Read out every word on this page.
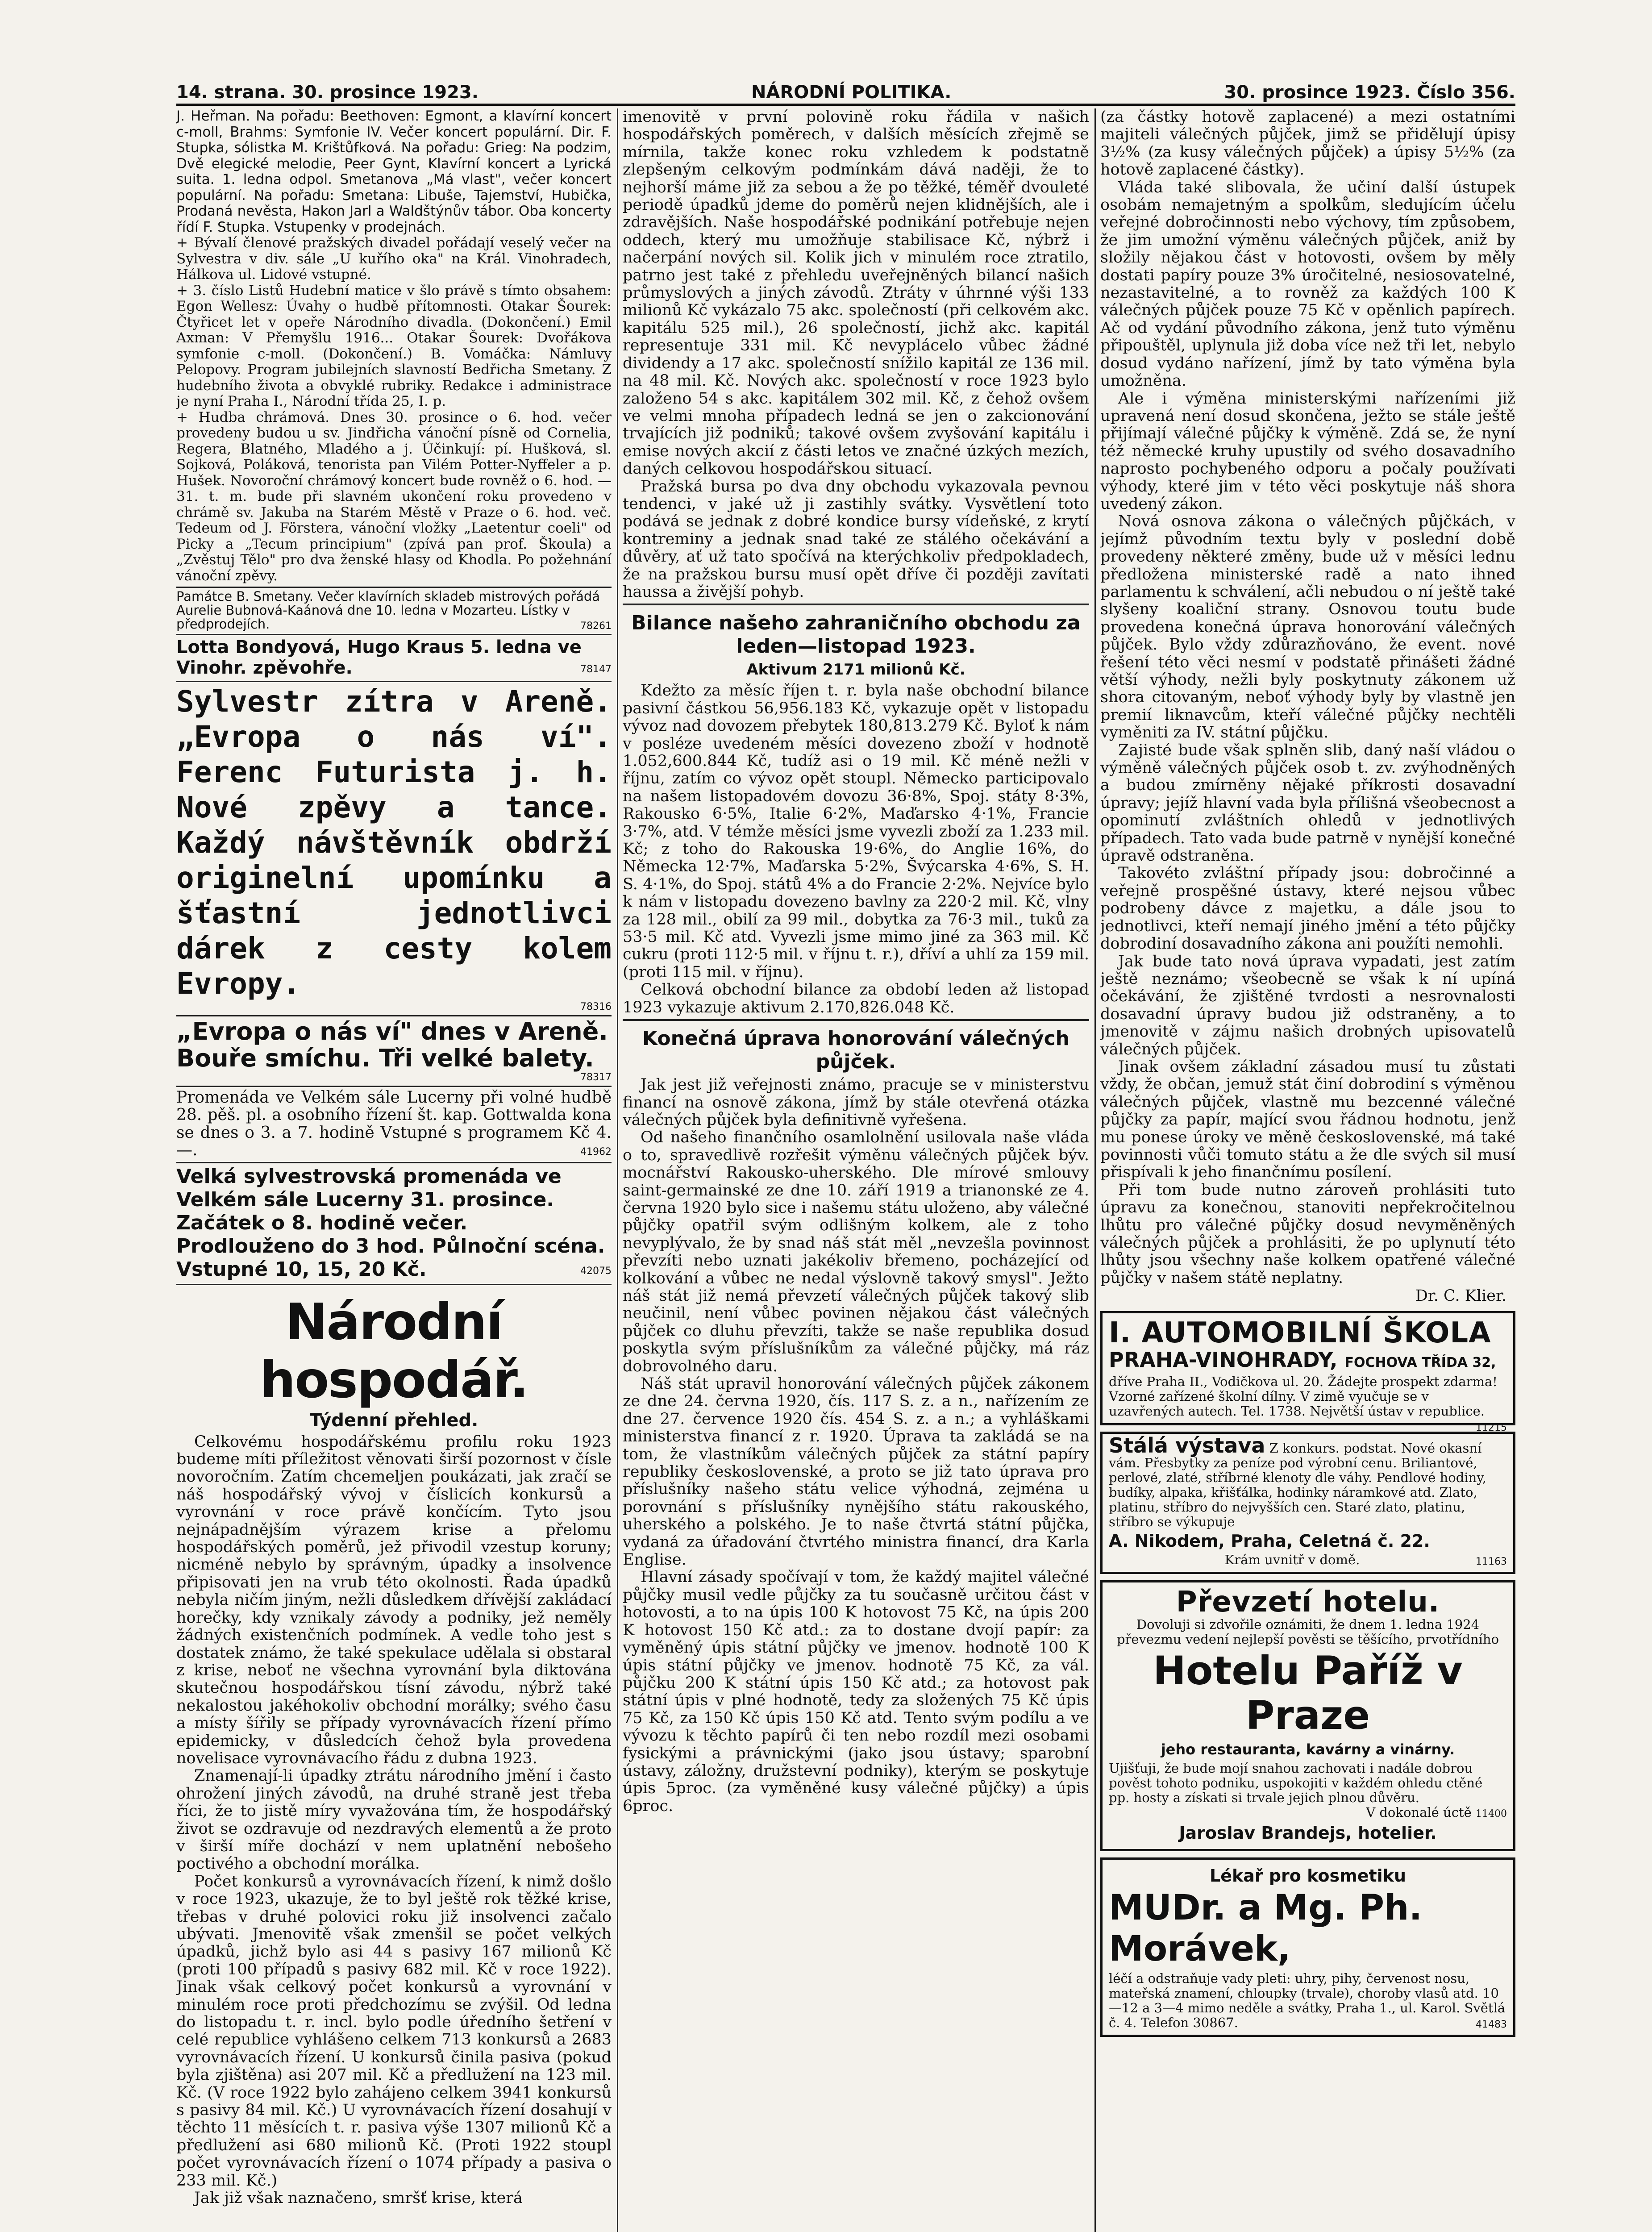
14. strana. 30. prosince 1923.	NÁRODNÍ POLITIKA.	30. prosince 1923. Číslo 356.

J. Heřman. Na pořadu: Beethoven: Egmont, a klavírní koncert c-moll, Brahms: Symfonie IV. Večer koncert populární. Dir. F. Stupka, sólistka M. Krištůfková. Na pořadu: Grieg: Na podzim, Dvě elegické melodie, Peer Gynt, Klavírní koncert a Lyrická suita. 1. ledna odpol. Smetanova „Má vlast", večer koncert populární. Na pořadu: Smetana: Libuše, Tajemství, Hubička, Prodaná nevěsta, Hakon Jarl a Waldštýnův tábor. Oba koncerty řídí F. Stupka. Vstupenky v prodejnách.

+ Bývalí členové pražských divadel pořádají veselý večer na Sylvestra v div. sále „U kuřího oka" na Král. Vinohradech, Hálkova ul. Lidové vstupné.

+ 3. číslo Listů Hudební matice v šlo právě s tímto obsahem: Egon Wellesz: Úvahy o hudbě přítomnosti. Otakar Šourek: Čtyřicet let v opeře Národního divadla. (Dokončení.) Emil Axman: V Přemyšlu 1916... Otakar Šourek: Dvořákova symfonie c-moll. (Dokončení.) B. Vomáčka: Námluvy Pelopovy. Program jubilejních slavností Bedřicha Smetany. Z hudebního života a obvyklé rubriky. Redakce i administrace je nyní Praha I., Národní třída 25, I. p.

+ Hudba chrámová. Dnes 30. prosince o 6. hod. večer provedeny budou u sv. Jindřicha vánoční písně od Cornelia, Regera, Blatného, Mladého a j. Účinkují: pí. Hušková, sl. Sojková, Poláková, tenorista pan Vilém Potter-Nyffeler a p. Hušek. Novoroční chrámový koncert bude rovněž o 6. hod. — 31. t. m. bude při slavném ukončení roku provedeno v chrámě sv. Jakuba na Starém Městě v Praze o 6. hod. več. Tedeum od J. Förstera, vánoční vložky „Laetentur coeli" od Picky a „Tecum principium" (zpívá pan prof. Škoula) a „Zvěstuj Tělo" pro dva ženské hlasy od Khodla. Po požehnání vánoční zpěvy.

Památce B. Smetany. Večer klavírních skladeb mistrových pořádá Aurelie Bubnová-Kaánová dne 10. ledna v Mozarteu. Lístky v předprodejích.	78261

Lotta Bondyová, Hugo Kraus 5. ledna ve Vinohr. zpěvohře.	78147

Sylvestr zítra v Areně. „Evropa o nás ví". Ferenc Futurista j. h. Nové zpěvy a tance. Každý návštěvník obdrží originelní upomínku a šťastní jednotlivci dárek z cesty kolem Evropy.

78316

„Evropa o nás ví" dnes v Areně. Bouře smíchu. Tři velké balety.

78317

Promenáda ve Velkém sále Lucerny při volné hudbě 28. pěš. pl. a osobního řízení št. kap. Gottwalda kona se dnes o 3. a 7. hodině Vstupné s programem Kč 4.—.	41962

Velká sylvestrovská promenáda ve Velkém sále Lucerny 31. prosince. Začátek o 8. hodině večer. Prodlouženo do 3 hod. Půlnoční scéna. Vstupné 10, 15, 20 Kč.	42075

Národní hospodář.
Týdenní přehled.

Celkovému hospodářskému profilu roku 1923 budeme míti příležitost věnovati širší pozornost v čísle novoročním. Zatím chcemeljen poukázati, jak zračí se náš hospodářský vývoj v číslicích konkursů a vyrovnání v roce právě končícím. Tyto jsou nejnápadnějším výrazem krise a přelomu hospodářských poměrů, jež přivodil vzestup koruny; nicméně nebylo by správným, úpadky a insolvence připisovati jen na vrub této okolnosti. Řada úpadků nebyla ničím jiným, nežli důsledkem dřívější zakládací horečky, kdy vznikaly závody a podniky, jež neměly žádných existenčních podmínek. A vedle toho jest s dostatek známo, že také spekulace udělala si obstaral z krise, neboť ne všechna vyrovnání byla diktována skutečnou hospodářskou tísní závodu, nýbrž také nekalostou jakéhokoliv obchodní morálky; svého času a místy šířily se případy vyrovnávacích řízení přímo epidemicky, v důsledcích čehož byla provedena novelisace vyrovnávacího řádu z dubna 1923.

Znamenají-li úpadky ztrátu národního jmění i často ohrožení jiných závodů, na druhé straně jest třeba říci, že to jistě míry vyvažována tím, že hospodářský život se ozdravuje od nezdravých elementů a že proto v širší míře dochází v nem uplatnění nebošeho poctivého a obchodní morálka.

Počet konkursů a vyrovnávacích řízení, k nimž došlo v roce 1923, ukazuje, že to byl ještě rok těžké krise, třebas v druhé polovici roku již insolvenci začalo ubývati. Jmenovitě však zmenšil se počet velkých úpadků, jichž bylo asi 44 s pasivy 167 milionů Kč (proti 100 případů s pasivy 682 mil. Kč v roce 1922). Jinak však celkový počet konkursů a vyrovnání v minulém roce proti předchozímu se zvýšil. Od ledna do listopadu t. r. incl. bylo podle úředního šetření v celé republice vyhlášeno celkem 713 konkursů a 2683 vyrovnávacích řízení. U konkursů činila pasiva (pokud byla zjištěna) asi 207 mil. Kč a předlužení na 123 mil. Kč. (V roce 1922 bylo zahájeno celkem 3941 konkursů s pasivy 84 mil. Kč.) U vyrovnávacích řízení dosahují v těchto 11 měsících t. r. pasiva výše 1307 milionů Kč a předlužení asi 680 milionů Kč. (Proti 1922 stoupl počet vyrovnávacích řízení o 1074 případy a pasiva o 233 mil. Kč.)

Jak již však naznačeno, smršť krise, která

imenovitě v první polovině roku řádila v našich hospodářských poměrech, v dalších měsících zřejmě se mírnila, takže konec roku vzhledem k podstatně zlepšeným celkovým podmínkám dává naději, že to nejhorší máme již za sebou a že po těžké, téměř dvouleté periodě úpadků jdeme do poměrů nejen klidnějších, ale i zdravějších. Naše hospodářské podnikání potřebuje nejen oddech, který mu umožňuje stabilisace Kč, nýbrž i načerpání nových sil. Kolik jich v minulém roce ztratilo, patrno jest také z přehledu uveřejněných bilancí našich průmyslových a jiných závodů. Ztráty v úhrnné výši 133 milionů Kč vykázalo 75 akc. společností (při celkovém akc. kapitálu 525 mil.), 26 společností, jichž akc. kapitál representuje 331 mil. Kč nevyplácelo vůbec žádné dividendy a 17 akc. společností snížilo kapitál ze 136 mil. na 48 mil. Kč. Nových akc. společností v roce 1923 bylo založeno 54 s akc. kapitálem 302 mil. Kč, z čehož ovšem ve velmi mnoha případech ledná se jen o zakcionování trvajících již podniků; takové ovšem zvyšování kapitálu i emise nových akcií z části letos ve značné úzkých mezích, daných celkovou hospodářskou situací.

Pražská bursa po dva dny obchodu vykazovala pevnou tendenci, v jaké už ji zastihly svátky. Vysvětlení toto podává se jednak z dobré kondice bursy vídeňské, z krytí kontreminy a jednak snad také ze stálého očekávání a důvěry, ať už tato spočívá na kterýchkoliv předpokladech, že na pražskou bursu musí opět dříve či později zavítati haussa a živější pohyb.

Bilance našeho zahraničního obchodu za leden—listopad 1923.
Aktivum 2171 milionů Kč.

Kdežto za měsíc říjen t. r. byla naše obchodní bilance pasivní částkou 56,956.183 Kč, vykazuje opět v listopadu vývoz nad dovozem přebytek 180,813.279 Kč. Byloť k nám v posléze uvedeném měsíci dovezeno zboží v hodnotě 1.052,600.844 Kč, tudíž asi o 19 mil. Kč méně nežli v říjnu, zatím co vývoz opět stoupl. Německo participovalo na našem listopadovém dovozu 36·8%, Spoj. státy 8·3%, Rakousko 6·5%, Italie 6·2%, Maďarsko 4·1%, Francie 3·7%, atd. V témže měsíci jsme vyvezli zboží za 1.233 mil. Kč; z toho do Rakouska 19·6%, do Anglie 16%, do Německa 12·7%, Maďarska 5·2%, Švýcarska 4·6%, S. H. S. 4·1%, do Spoj. států 4% a do Francie 2·2%. Nejvíce bylo k nám v listopadu dovezeno bavlny za 220·2 mil. Kč, vlny za 128 mil., obilí za 99 mil., dobytka za 76·3 mil., tuků za 53·5 mil. Kč atd. Vyvezli jsme mimo jiné za 363 mil. Kč cukru (proti 112·5 mil. v říjnu t. r.), dříví a uhlí za 159 mil. (proti 115 mil. v říjnu).

Celková obchodní bilance za období leden až listopad 1923 vykazuje aktivum 2.170,826.048 Kč.

Konečná úprava honorování válečných půjček.

Jak jest již veřejnosti známo, pracuje se v ministerstvu financí na osnově zákona, jímž by stále otevřená otázka válečných půjček byla definitivně vyřešena.

Od našeho finančního osamlolnění usilovala naše vláda o to, spravedlivě rozřešit výměnu válečných půjček býv. mocnářství Rakousko-uherského. Dle mírové smlouvy saint-germainské ze dne 10. září 1919 a trianonské ze 4. června 1920 bylo sice i našemu státu uloženo, aby válečné půjčky opatřil svým odlišným kolkem, ale z toho nevyplývalo, že by snad náš stát měl „nevzešla povinnost převzíti nebo uznati jakékoliv břemeno, pocházející od kolkování a vůbec ne nedal výslovně takový smysl". Ježto náš stát již nemá převzetí válečných půjček takový slib neučinil, není vůbec povinen nějakou část válečných půjček co dluhu převzíti, takže se naše republika dosud poskytla svým příslušníkům za válečné půjčky, má ráz dobrovolného daru.

Náš stát upravil honorování válečných půjček zákonem ze dne 24. června 1920, čís. 117 S. z. a n., nařízením ze dne 27. července 1920 čís. 454 S. z. a n.; a vyhláškami ministerstva financí z r. 1920. Úprava ta zakládá se na tom, že vlastníkům válečných půjček za státní papíry republiky československé, a proto se již tato úprava pro příslušníky našeho státu velice výhodná, zejména u porovnání s příslušníky nynějšího státu rakouského, uherského a polského. Je to naše čtvrtá státní půjčka, vydaná za úřadování čtvrtého ministra financí, dra Karla Englise.

Hlavní zásady spočívají v tom, že každý majitel válečné půjčky musil vedle půjčky za tu současně určitou část v hotovosti, a to na úpis 100 K hotovost 75 Kč, na úpis 200 K hotovost 150 Kč atd.: za to dostane dvojí papír: za vyměněný úpis státní půjčky ve jmenov. hodnotě 100 K úpis státní půjčky ve jmenov. hodnotě 75 Kč, za vál. půjčku 200 K státní úpis 150 Kč atd.; za hotovost pak státní úpis v plné hodnotě, tedy za složených 75 Kč úpis 75 Kč, za 150 Kč úpis 150 Kč atd. Tento svým podílu a ve vývozu k těchto papírů či ten nebo rozdíl mezi osobami fysickými a právnickými (jako jsou ústavy; sparobní ústavy, záložny, družstevní podniky), kterým se poskytuje úpis 5proc. (za vyměněné kusy válečné půjčky) a úpis 6proc.

(za částky hotově zaplacené) a mezi ostatními majiteli válečných půjček, jimž se přidělují úpisy 3½% (za kusy válečných půjček) a úpisy 5½% (za hotově zaplacené částky).

Vláda také slibovala, že učiní další ústupek osobám nemajetným a spolkům, sledujícím účelu veřejné dobročinnosti nebo výchovy, tím způsobem, že jim umožní výměnu válečných půjček, aniž by složily nějakou část v hotovosti, ovšem by měly dostati papíry pouze 3% úročitelné, nesiosovatelné, nezastavitelné, a to rovněž za každých 100 K válečných půjček pouze 75 Kč v opěnlich papírech. Ač od vydání původního zákona, jenž tuto výměnu připouštěl, uplynula již doba více než tři let, nebylo dosud vydáno nařízení, jímž by tato výměna byla umožněna.

Ale i výměna ministerskými nařízeními již upravená není dosud skončena, ježto se stále ještě přijímají válečné půjčky k výměně. Zdá se, že nyní též německé kruhy upustily od svého dosavadního naprosto pochybeného odporu a počaly používati výhody, které jim v této věci poskytuje náš shora uvedený zákon.

Nová osnova zákona o válečných půjčkách, v jejímž původním textu byly v poslední době provedeny některé změny, bude už v měsíci lednu předložena ministerské radě a nato ihned parlamentu k schválení, ačli nebudou o ní ještě také slyšeny koaliční strany. Osnovou toutu bude provedena konečná úprava honorování válečných půjček. Bylo vždy zdůrazňováno, že event. nové řešení této věci nesmí v podstatě přinášeti žádné větší výhody, nežli byly poskytnuty zákonem už shora citovaným, neboť výhody byly by vlastně jen premií liknavcům, kteří válečné půjčky nechtěli vyměniti za IV. státní půjčku.

Zajisté bude však splněn slib, daný naší vládou o výměně válečných půjček osob t. zv. zvýhodněných a budou zmírněny nějaké příkrosti dosavadní úpravy; jejíž hlavní vada byla přílišná všeobecnost a opominutí zvláštních ohledů v jednotlivých případech. Tato vada bude patrně v nynější konečné úpravě odstraněna.

Takovéto zvláštní případy jsou: dobročinné a veřejně prospěšné ústavy, které nejsou vůbec podrobeny dávce z majetku, a dále jsou to jednotlivci, kteří nemají jiného jmění a této půjčky dobrodiní dosavadního zákona ani použíti nemohli.

Jak bude tato nová úprava vypadati, jest zatím ještě neznámo; všeobecně se však k ní upíná očekávání, že zjištěné tvrdosti a nesrovnalosti dosavadní úpravy budou již odstraněny, a to jmenovitě v zájmu našich drobných upisovatelů válečných půjček.

Jinak ovšem základní zásadou musí tu zůstati vždy, že občan, jemuž stát činí dobrodiní s výměnou válečných půjček, vlastně mu bezcenné válečné půjčky za papír, mající svou řádnou hodnotu, jenž mu ponese úroky ve měně československé, má také povinnosti vůči tomuto státu a že dle svých sil musí přispívali k jeho finančnímu posílení.

Při tom bude nutno zároveň prohlásiti tuto úpravu za konečnou, stanoviti nepřekročitelnou lhůtu pro válečné půjčky dosud nevyměněných válečných půjček a prohlásiti, že po uplynutí této lhůty jsou všechny naše kolkem opatřené válečné půjčky v našem státě neplatny.

Dr. C. Klier.

I. AUTOMOBILNÍ ŠKOLA

PRAHA-VINOHRADY, FOCHOVA TŘÍDA 32,

dříve Praha II., Vodičkova ul. 20. Žádejte prospekt zdarma! Vzorné zařízené školní dílny. V zimě vyučuje se v uzavřených autech. Tel. 1738. Největší ústav v republice.
11215

Stálá výstava Z konkurs. podstat. Nové okasní vám. Přesbytky za peníze pod výrobní cenu. Briliantové, perlové, zlaté, stříbrné klenoty dle váhy. Pendlové hodiny, budíky, alpaka, křišťálka, hodinky náramkové atd. Zlato, platinu, stříbro do nejvyšších cen. Staré zlato, platinu, stříbro se výkupuje

A. Nikodem, Praha, Celetná č. 22.

Krám uvnitř v domě.	11163

Převzetí hotelu.

Dovoluji si zdvořile oznámiti, že dnem 1. ledna 1924 převezmu vedení nejlepší pověsti se těšícího, prvotřídního

Hotelu Paříž v Praze

jeho restauranta, kavárny a vinárny.

Ujišťuji, že bude mojí snahou zachovati i nadále dobrou pověst tohoto podniku, uspokojiti v každém ohledu ctěné pp. hosty a získati si trvale jejich plnou důvěru.

V dokonalé úctě 11400

Jaroslav Brandejs, hotelier.

Lékař pro kosmetiku

MUDr. a Mg. Ph. Morávek,

léčí a odstraňuje vady pleti: uhry, pihy, červenost nosu, mateřská znamení, chloupky (trvale), choroby vlasů atd. 10—12 a 3—4 mimo neděle a svátky, Praha 1., ul. Karol. Světlá č. 4. Telefon 30867.	41483
